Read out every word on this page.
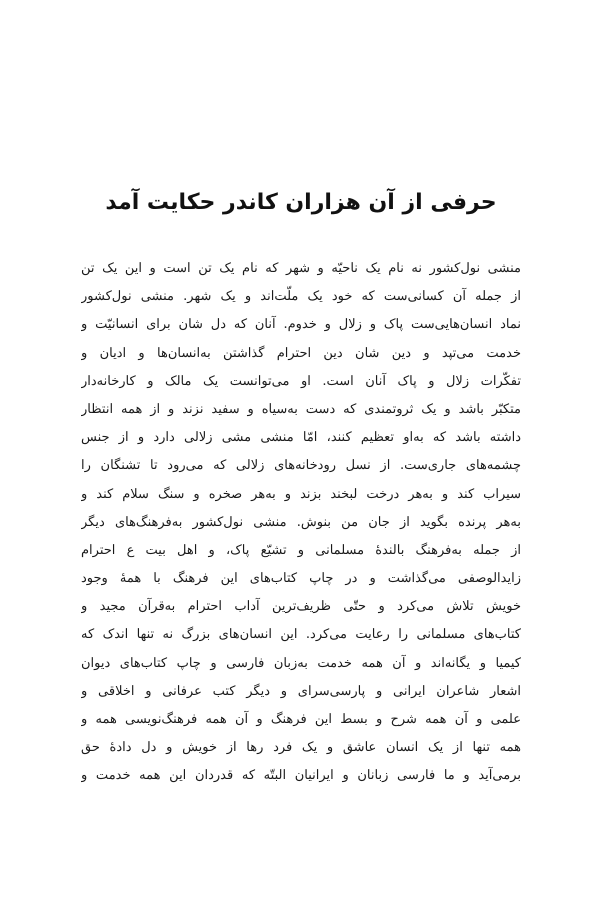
حرفی از آن هزاران کاندر حکایت آمد
منشی نول‌کشور نه نام یک ناحیّه و شهر که نام یک تن است و این یک تن
از جمله آن کسانی‌ست که خود یک ملّت‌اند و یک شهر. منشی نول‌کشور
نماد انسان‌هایی‌ست پاک و زلال و خدوم. آنان که دل شان برای انسانیّت و
خدمت می‌تپد و دین شان دین احترام گذاشتن به‌انسان‌ها و ادیان و
تفکّرات زلال و پاک آنان است. او می‌توانست یک مالک و کارخانه‌دار
متکبّر باشد و یک ثروتمندی که دست به‌سیاه و سفید نزند و از همه انتظار
داشته باشد که به‌او تعظیم کنند، امّا منشی مشی زلالی دارد و از جنس
چشمه‌های جاری‌ست. از نسل رودخانه‌های زلالی که می‌رود تا تشنگان را
سیراب کند و به‌هر درخت لبخند بزند و به‌هر صخره و سنگ سلام کند و
به‌هر پرنده بگوید از جان من بنوش. منشی نول‌کشور به‌فرهنگ‌های دیگر
از جمله به‌فرهنگ بالندۀ مسلمانی و تشیّع پاک، و اهل بیت ع احترام
زایدالوصفی می‌گذاشت و در چاپ کتاب‌های این فرهنگ با همۀ وجود
خویش تلاش می‌کرد و حتّی ظریف‌ترین آداب احترام به‌قرآن مجید و
کتاب‌های مسلمانی را رعایت می‌کرد. این انسان‌های بزرگ نه تنها اندک که
کیمیا و یگانه‌اند و آن همه خدمت به‌زبان فارسی و چاپ کتاب‌های دیوان
اشعار شاعران ایرانی و پارسی‌سرای و دیگر کتب عرفانی و اخلاقی و
علمی و آن همه شرح و بسط این فرهنگ و آن همه فرهنگ‌نویسی همه و
همه تنها از یک انسان عاشق و یک فرد رها از خویش و دل دادۀ حق
برمی‌آید و ما فارسی زبانان و ایرانیان البتّه که قدردان این همه خدمت و
